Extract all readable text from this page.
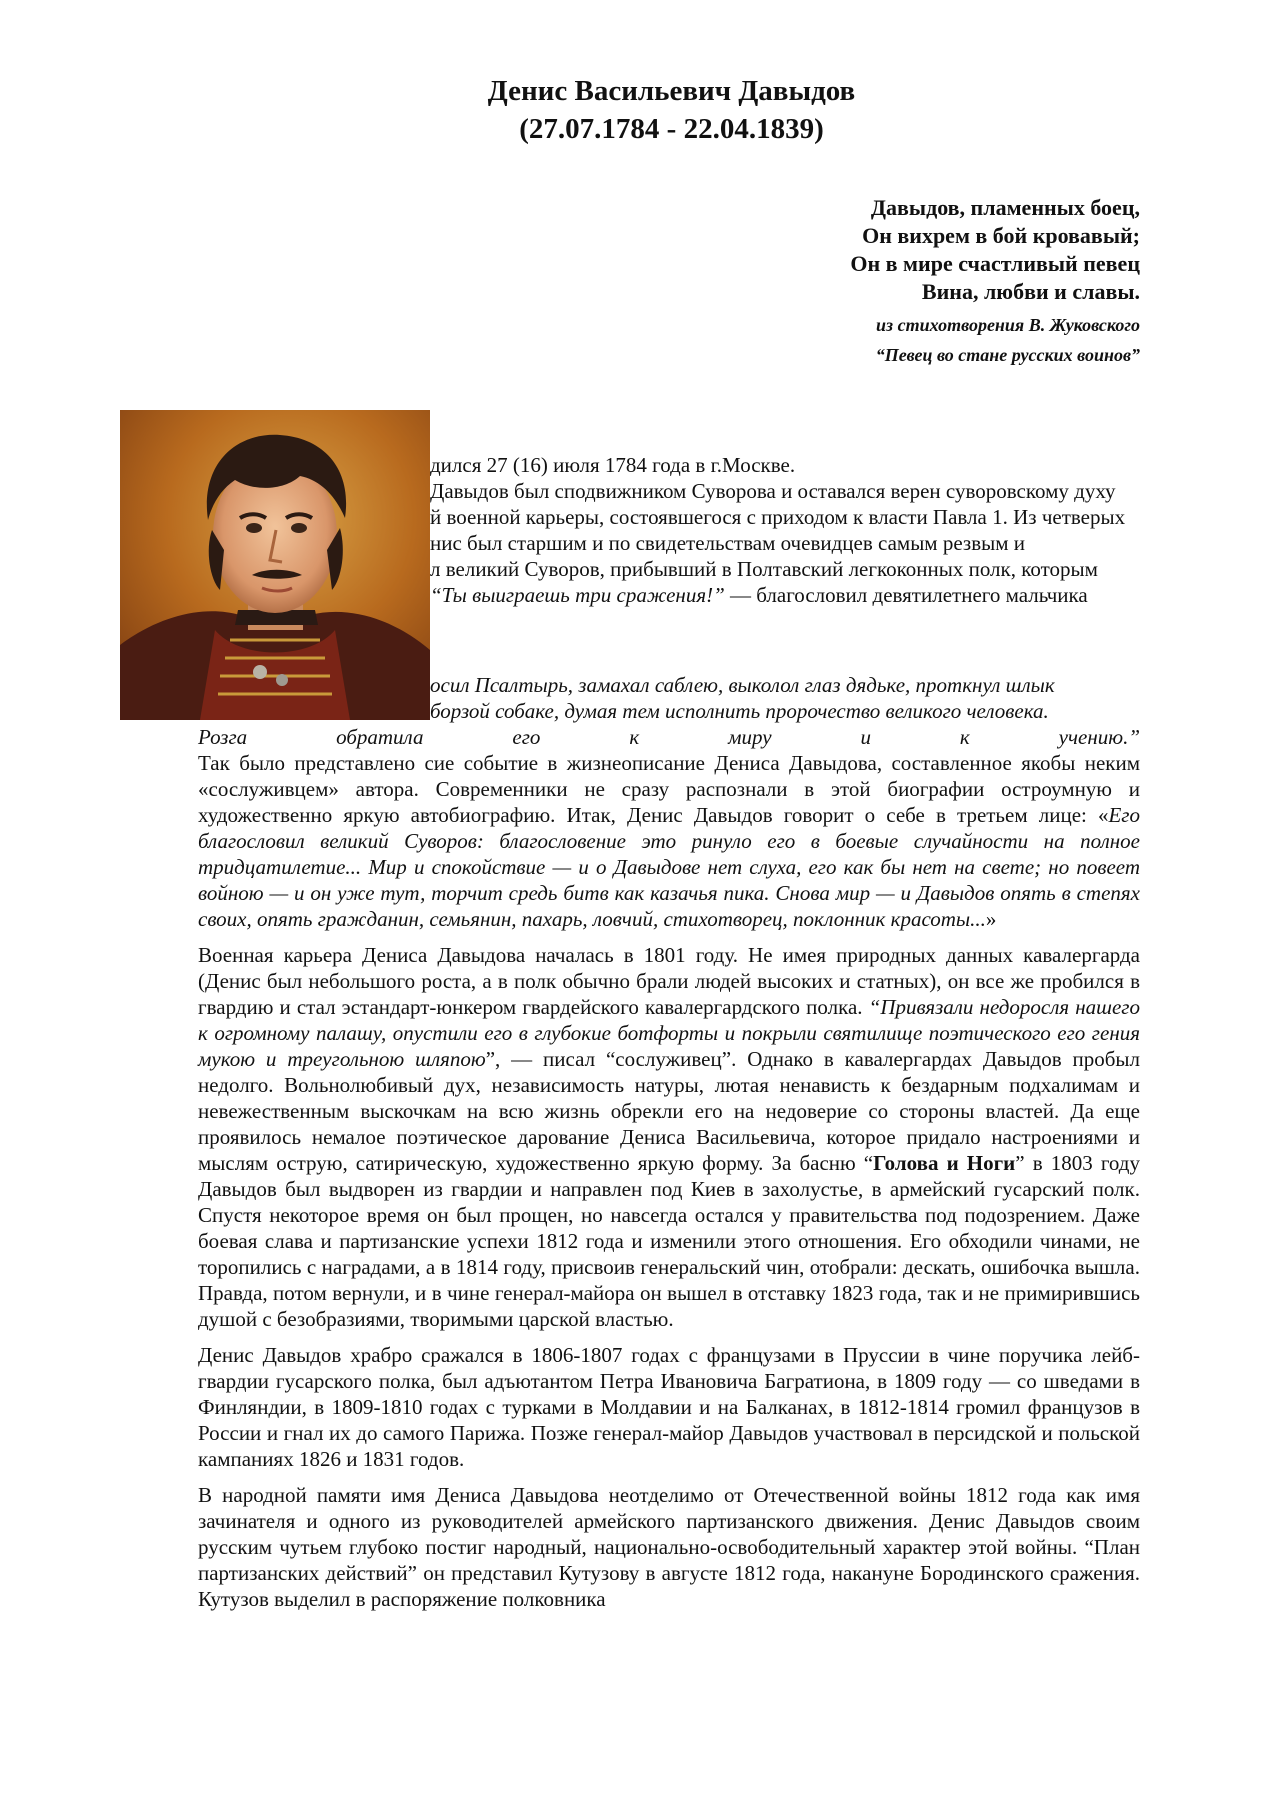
Денис Васильевич Давыдов
(27.07.1784 - 22.04.1839)
Давыдов, пламенных боец,
Он вихрем в бой кровавый;
Он в мире счастливый певец
Вина, любви и славы.
из стихотворения В. Жуковского
“Певец во стане русских воинов”
дился 27 (16) июля 1784 года в г.Москве.
Давыдов был сподвижником Суворова и оставался верен суворовскому духу
й военной карьеры, состоявшегося с приходом к власти Павла 1. Из четверых
нис был старшим и по свидетельствам очевидцев самым резвым и
л великий Суворов, прибывший в Полтавский легкоконных полк, которым
“Ты выиграешь три сражения!” — благословил девятилетнего мальчика
осил Псалтырь, замахал саблею, выколол глаз дядьке, проткнул шлык
борзой собаке, думая тем исполнить пророчество великого человека.
Розга обратила его к миру и к учению.”

Так было представлено сие событие в жизнеописание Дениса Давыдова, составленное якобы неким «сослуживцем» автора. Современники не сразу распознали в этой биографии остроумную и художественно яркую автобиографию. Итак, Денис Давыдов говорит о себе в третьем лице: «Его благословил великий Суворов: благословение это ринуло его в боевые случайности на полное тридцатилетие... Мир и спокойствие — и о Давыдове нет слуха, его как бы нет на свете; но повеет войною — и он уже тут, торчит средь битв как казачья пика. Снова мир — и Давыдов опять в степях своих, опять гражданин, семьянин, пахарь, ловчий, стихотворец, поклонник красоты...»

Военная карьера Дениса Давыдова началась в 1801 году. Не имея природных данных кавалергарда (Денис был небольшого роста, а в полк обычно брали людей высоких и статных), он все же пробился в гвардию и стал эстандарт-юнкером гвардейского кавалергардского полка. “Привязали недоросля нашего к огромному палашу, опустили его в глубокие ботфорты и покрыли святилище поэтического его гения мукою и треугольною шляпою”, — писал “сослуживец”. Однако в кавалергардах Давыдов пробыл недолго. Вольнолюбивый дух, независимость натуры, лютая ненависть к бездарным подхалимам и невежественным выскочкам на всю жизнь обрекли его на недоверие со стороны властей. Да еще проявилось немалое поэтическое дарование Дениса Васильевича, которое придало настроениями и мыслям острую, сатирическую, художественно яркую форму. За басню “Голова и Ноги” в 1803 году Давыдов был выдворен из гвардии и направлен под Киев в захолустье, в армейский гусарский полк. Спустя некоторое время он был прощен, но навсегда остался у правительства под подозрением. Даже боевая слава и партизанские успехи 1812 года и изменили этого отношения. Его обходили чинами, не торопились с наградами, а в 1814 году, присвоив генеральский чин, отобрали: дескать, ошибочка вышла. Правда, потом вернули, и в чине генерал-майора он вышел в отставку 1823 года, так и не примирившись душой с безобразиями, творимыми царской властью.

Денис Давыдов храбро сражался в 1806-1807 годах с французами в Пруссии в чине поручика лейб-гвардии гусарского полка, был адъютантом Петра Ивановича Багратиона, в 1809 году — со шведами в Финляндии, в 1809-1810 годах с турками в Молдавии и на Балканах, в 1812-1814 громил французов в России и гнал их до самого Парижа. Позже генерал-майор Давыдов участвовал в персидской и польской кампаниях 1826 и 1831 годов.

В народной памяти имя Дениса Давыдова неотделимо от Отечественной войны 1812 года как имя зачинателя и одного из руководителей армейского партизанского движения. Денис Давыдов своим русским чутьем глубоко постиг народный, национально-освободительный характер этой войны. “План партизанских действий” он представил Кутузову в августе 1812 года, накануне Бородинского сражения. Кутузов выделил в распоряжение полковника
